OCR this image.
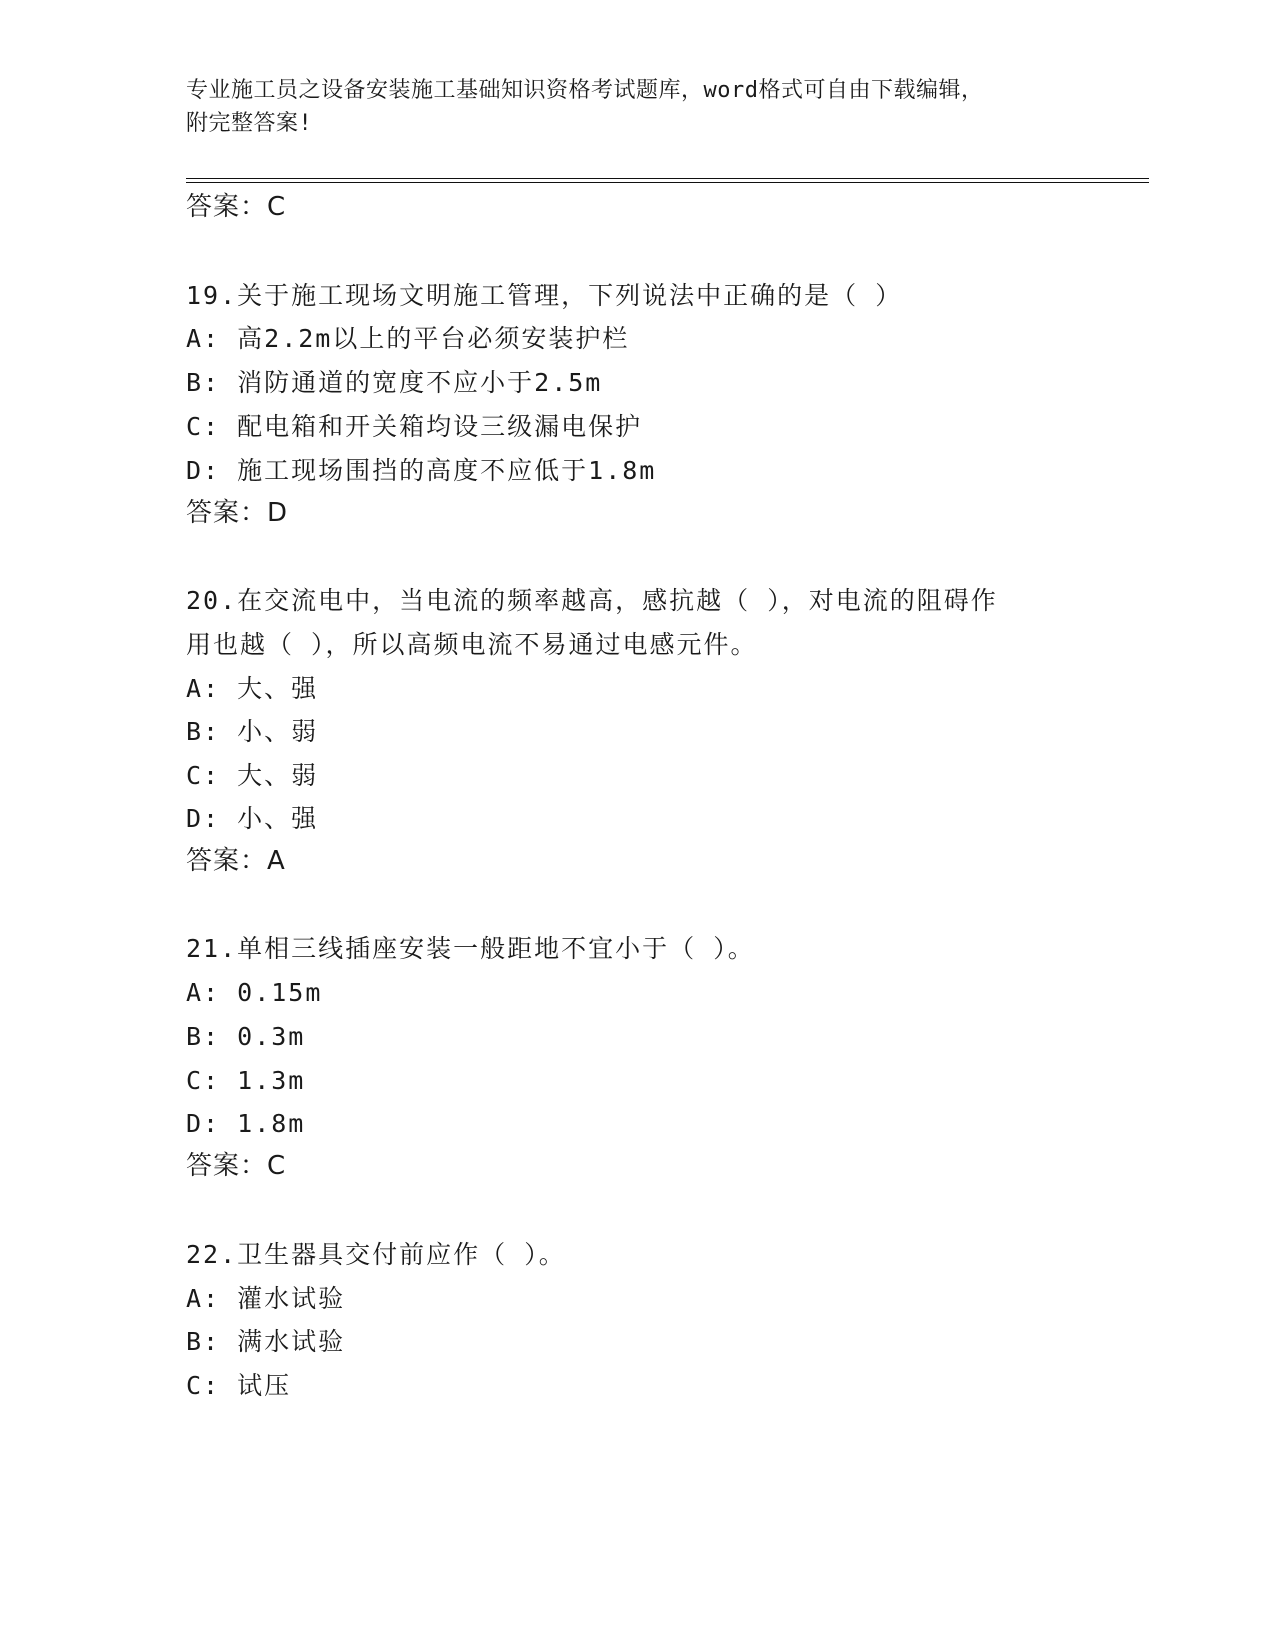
专业施工员之设备安装施工基础知识资格考试题库，word格式可自由下载编辑，
附完整答案!
答案：C
19.关于施工现场文明施工管理，下列说法中正确的是（ ）
A: 高2.2m以上的平台必须安装护栏
B: 消防通道的宽度不应小于2.5m
C: 配电箱和开关箱均设三级漏电保护
D: 施工现场围挡的高度不应低于1.8m
答案：D
20.在交流电中，当电流的频率越高，感抗越（ ），对电流的阻碍作
用也越（ ），所以高频电流不易通过电感元件。
A: 大、强
B: 小、弱
C: 大、弱
D: 小、强
答案：A
21.单相三线插座安装一般距地不宜小于（ ）。
A: 0.15m
B: 0.3m
C: 1.3m
D: 1.8m
答案：C
22.卫生器具交付前应作（ ）。
A: 灌水试验
B: 满水试验
C: 试压
